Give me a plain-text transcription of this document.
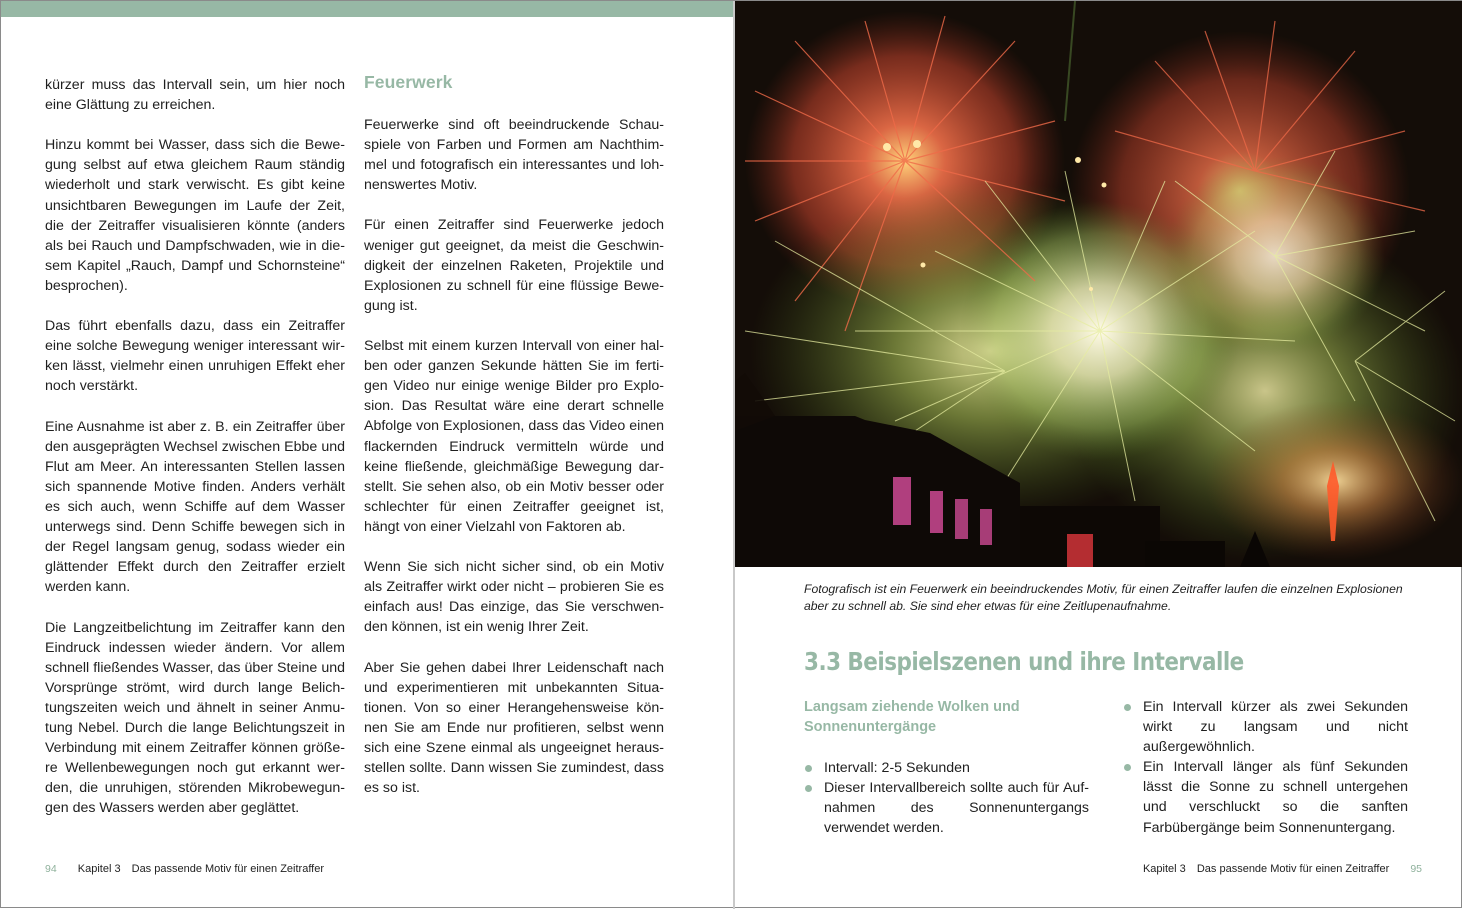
kürzer muss das Intervall sein, um hier noch eine Glättung zu erreichen.

Hinzu kommt bei Wasser, dass sich die Bewegung selbst auf etwa gleichem Raum ständig wiederholt und stark verwischt. Es gibt keine unsichtbaren Bewegungen im Laufe der Zeit, die der Zeitraffer visualisieren könnte (anders als bei Rauch und Dampfschwaden, wie in diesem Kapitel „Rauch, Dampf und Schornsteine“ besprochen).

Das führt ebenfalls dazu, dass ein Zeitraffer eine solche Bewegung weniger interessant wirken lässt, vielmehr einen unruhigen Effekt eher noch verstärkt.

Eine Ausnahme ist aber z. B. ein Zeitraffer über den ausgeprägten Wechsel zwischen Ebbe und Flut am Meer. An interessanten Stellen lassen sich spannende Motive finden. Anders verhält es sich auch, wenn Schiffe auf dem Wasser unterwegs sind. Denn Schiffe bewegen sich in der Regel langsam genug, sodass wieder ein glättender Effekt durch den Zeitraffer erzielt werden kann.

Die Langzeitbelichtung im Zeitraffer kann den Eindruck indessen wieder ändern. Vor allem schnell fließendes Wasser, das über Steine und Vorsprünge strömt, wird durch lange Belichtungszeiten weich und ähnelt in seiner Anmutung Nebel. Durch die lange Belichtungszeit in Verbindung mit einem Zeitraffer können größere Wellenbewegungen noch gut erkannt werden, die unruhigen, störenden Mikrobewegungen des Wassers werden aber geglättet.

Feuerwerk

Feuerwerke sind oft beeindruckende Schauspiele von Farben und Formen am Nachthimmel und fotografisch ein interessantes und lohnenswertes Motiv.

Für einen Zeitraffer sind Feuerwerke jedoch weniger gut geeignet, da meist die Geschwindigkeit der einzelnen Raketen, Projektile und Explosionen zu schnell für eine flüssige Bewegung ist.

Selbst mit einem kurzen Intervall von einer halben oder ganzen Sekunde hätten Sie im fertigen Video nur einige wenige Bilder pro Explosion. Das Resultat wäre eine derart schnelle Abfolge von Explosionen, dass das Video einen flackernden Eindruck vermitteln würde und keine fließende, gleichmäßige Bewegung darstellt. Sie sehen also, ob ein Motiv besser oder schlechter für einen Zeitraffer geeignet ist, hängt von einer Vielzahl von Faktoren ab.

Wenn Sie sich nicht sicher sind, ob ein Motiv als Zeitraffer wirkt oder nicht – probieren Sie es einfach aus! Das einzige, das Sie verschwenden können, ist ein wenig Ihrer Zeit.

Aber Sie gehen dabei Ihrer Leidenschaft nach und experimentieren mit unbekannten Situationen. Von so einer Herangehensweise können Sie am Ende nur profitieren, selbst wenn sich eine Szene einmal als ungeeignet herausstellen sollte. Dann wissen Sie zumindest, dass es so ist.

94 Kapitel 3 Das passende Motiv für einen Zeitraffer
Fotografisch ist ein Feuerwerk ein beeindruckendes Motiv, für einen Zeitraffer laufen die einzelnen Explosionen aber zu schnell ab. Sie sind eher etwas für eine Zeitlupenaufnahme.
3.3 Beispielszenen und ihre Intervalle
Langsam ziehende Wolken und Sonnenuntergänge
Intervall: 2-5 Sekunden
Dieser Intervallbereich sollte auch für Aufnahmen des Sonnenuntergangs verwendet werden.
Ein Intervall kürzer als zwei Sekunden wirkt zu langsam und nicht außergewöhnlich.
Ein Intervall länger als fünf Sekunden lässt die Sonne zu schnell untergehen und verschluckt so die sanften Farbübergänge beim Sonnenuntergang.
Kapitel 3 Das passende Motiv für einen Zeitraffer 95
